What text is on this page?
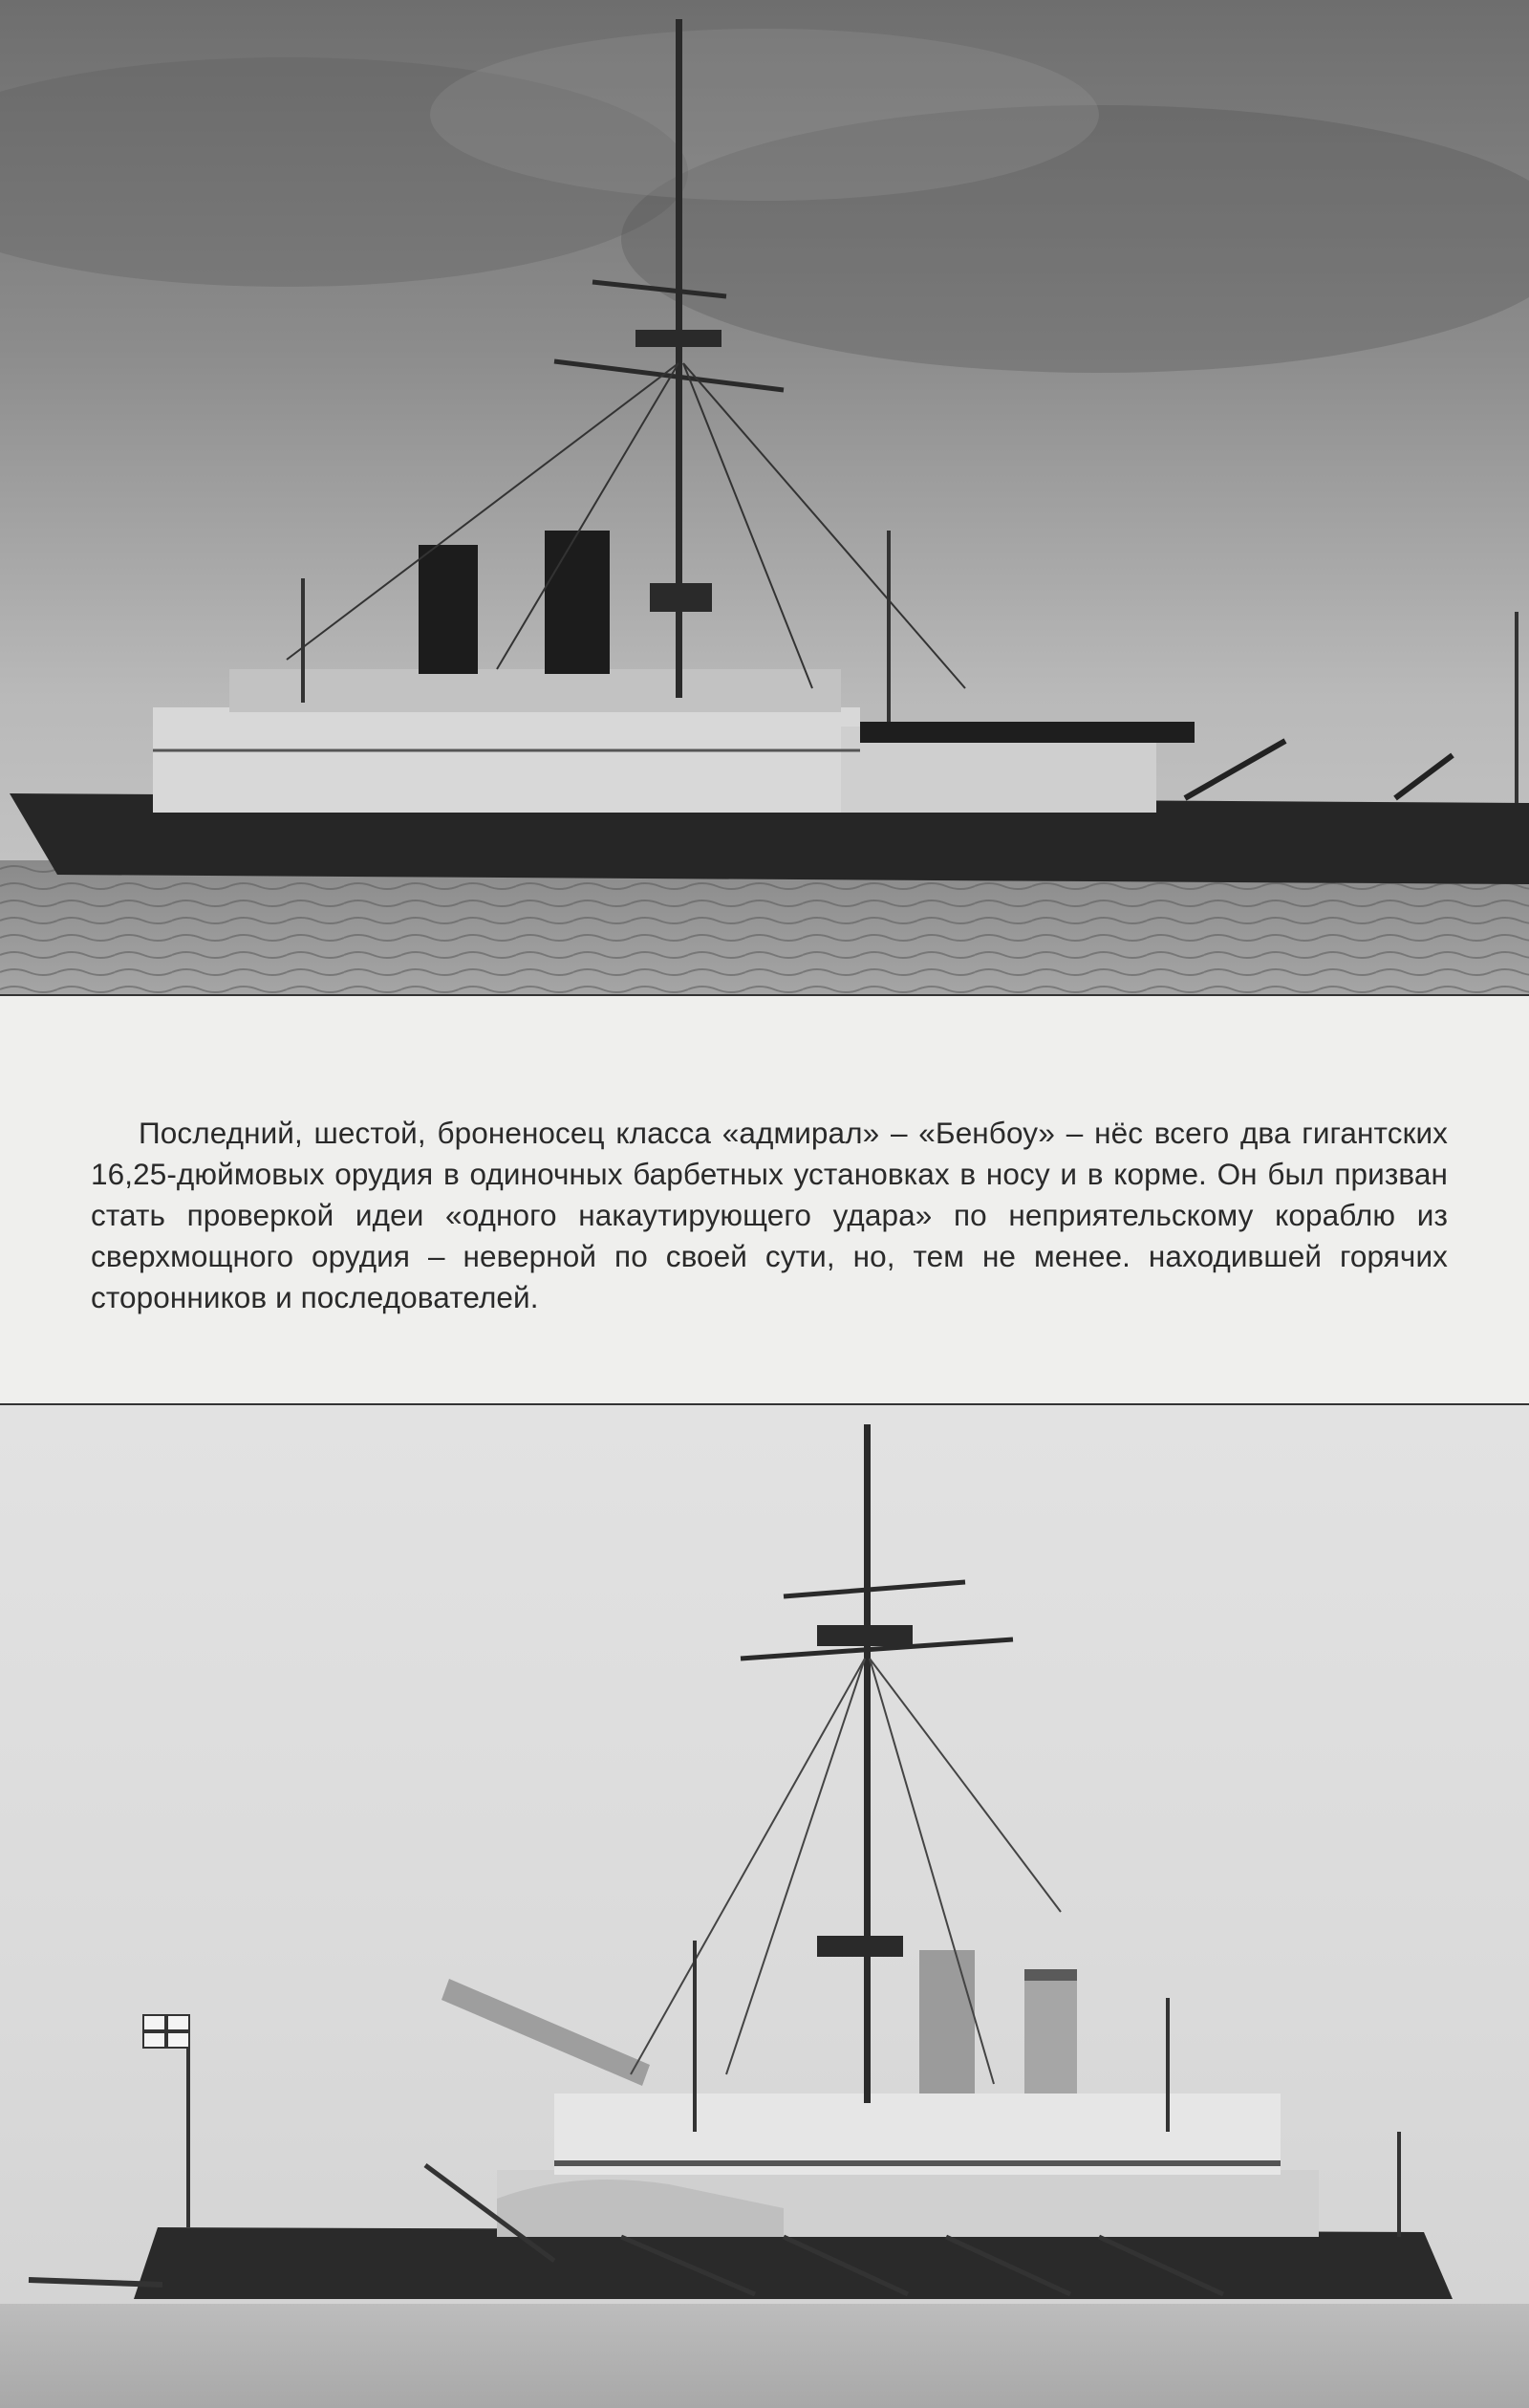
Последний, шестой, броненосец класса «адмирал» – «Бенбоу» – нёс всего два гигантских 16,25-дюймовых орудия в одиночных барбетных установках в носу и в корме. Он был призван стать проверкой идеи «одного накаутирующего удара» по неприятельскому кораблю из сверхмощного орудия – неверной по своей сути, но, тем не менее. находившей горячих сторонников и последователей.
